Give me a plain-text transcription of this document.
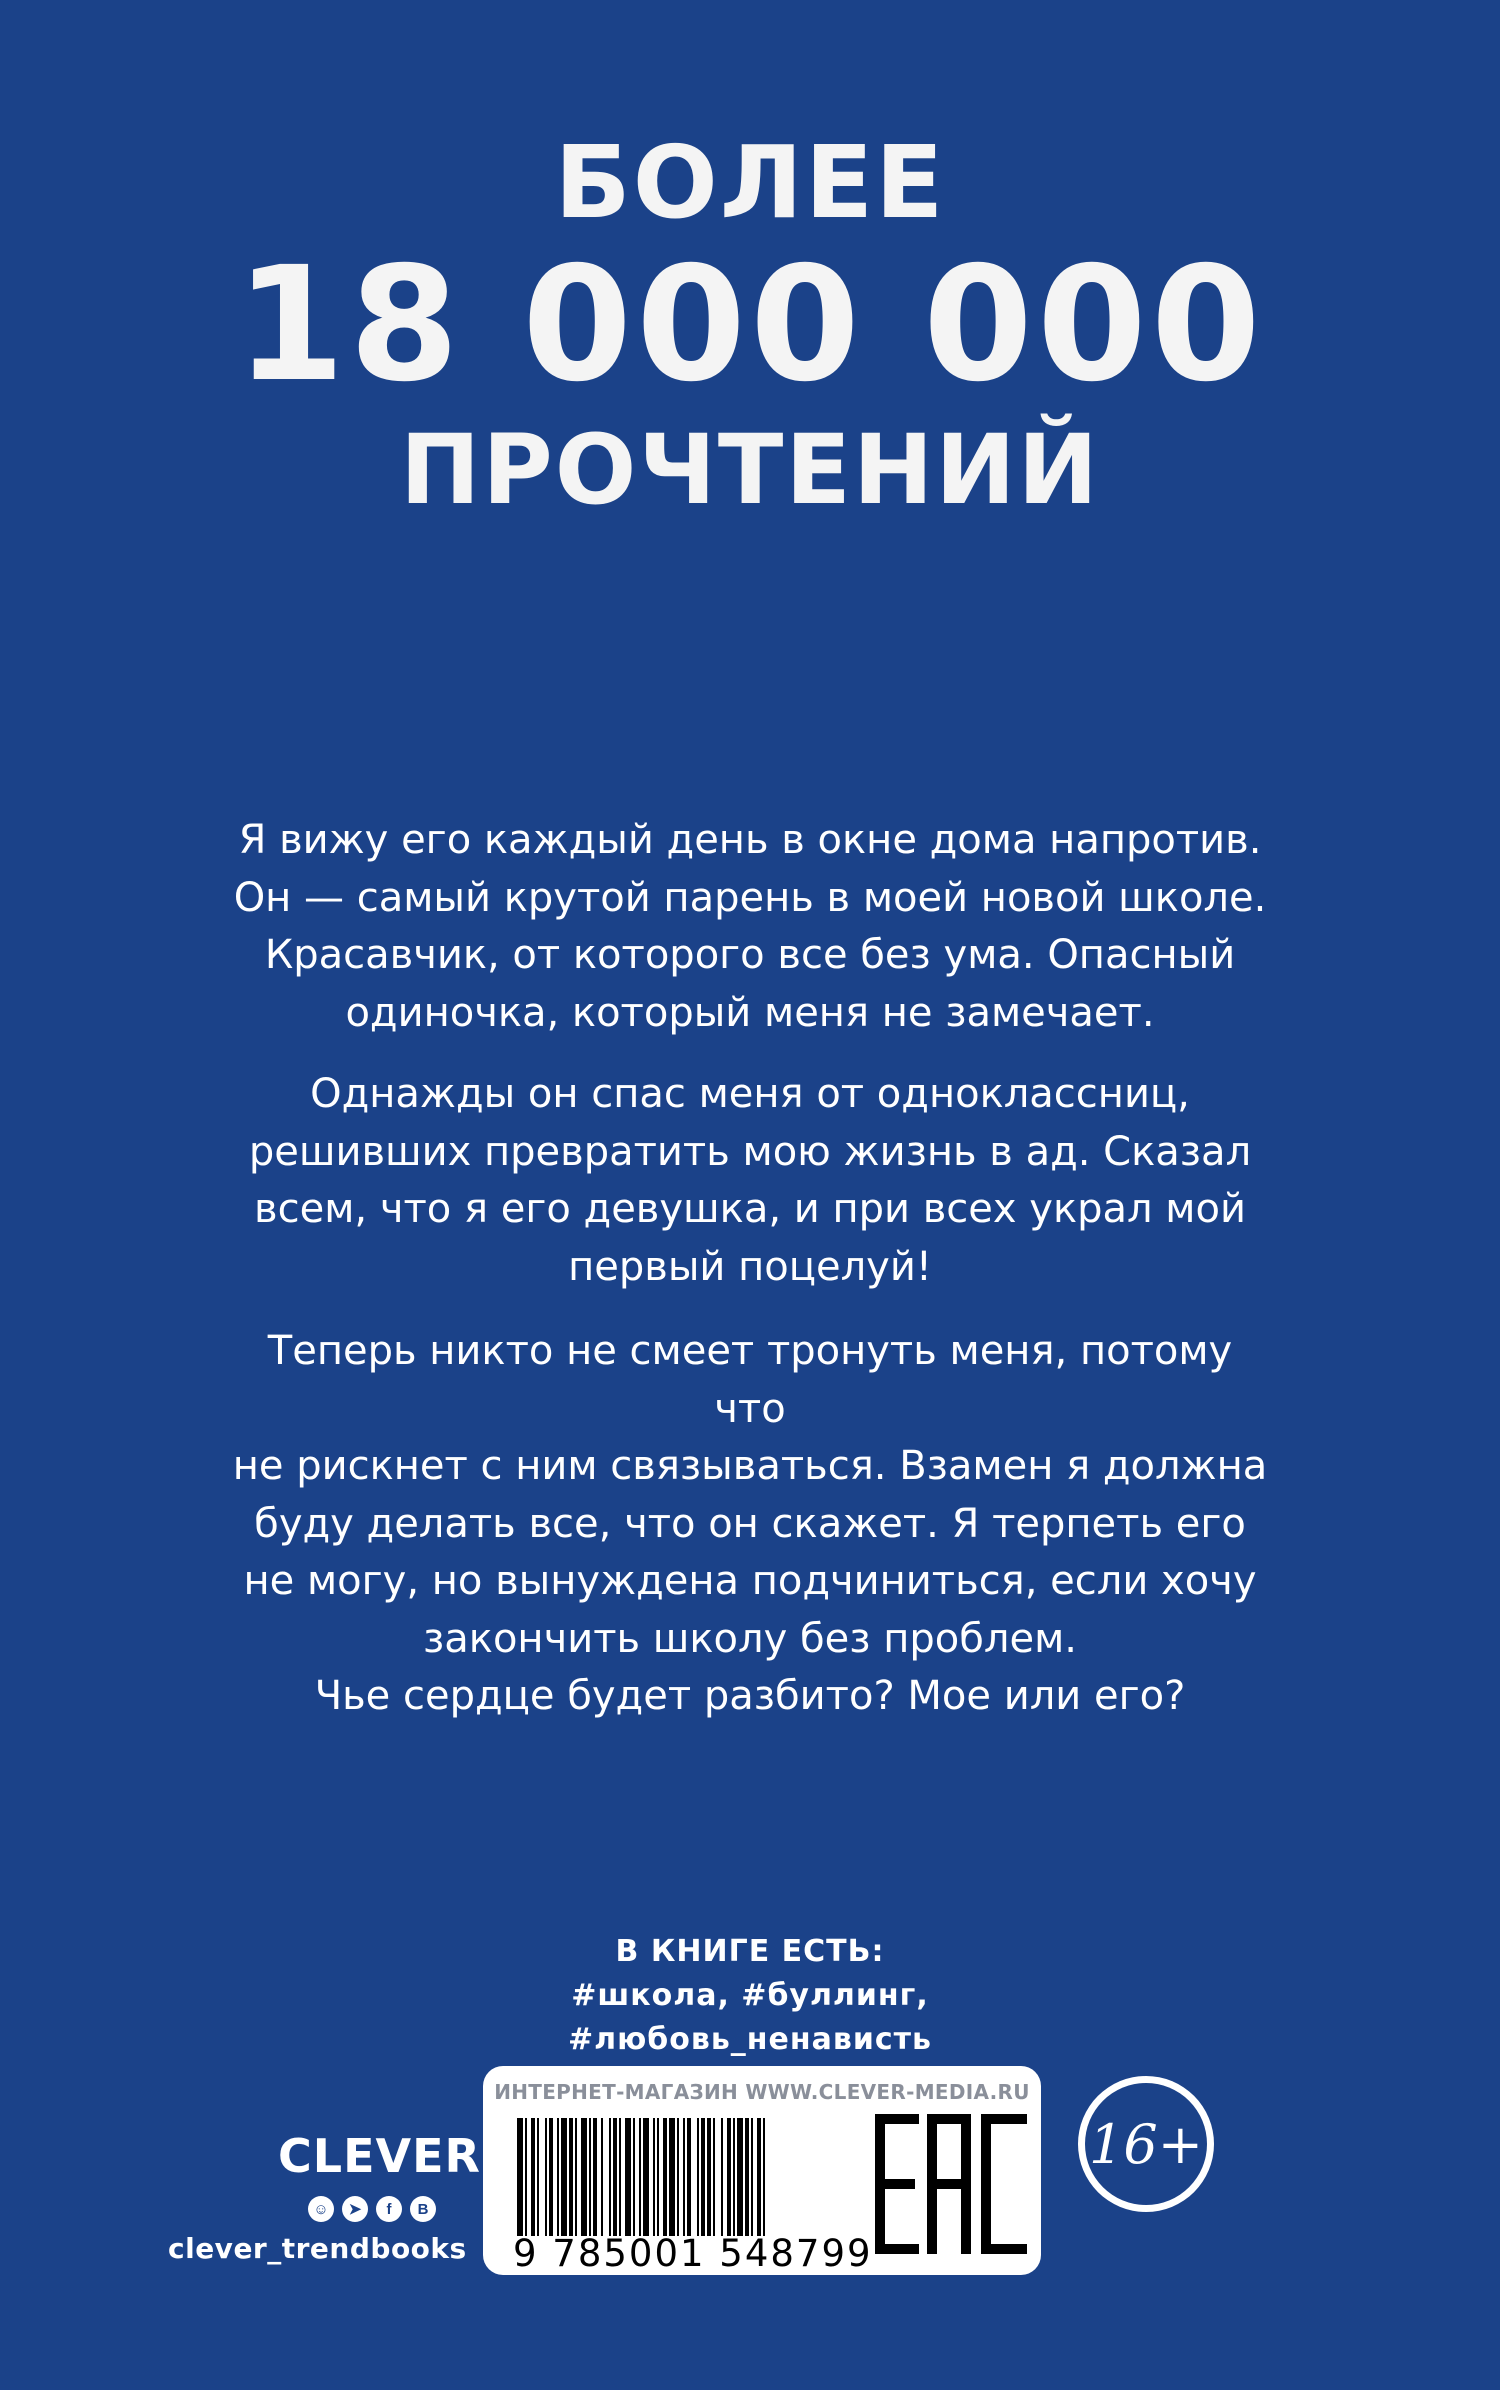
БОЛЕЕ
18 000 000
ПРОЧТЕНИЙ

Я вижу его каждый день в окне дома напротив.

Он — самый крутой парень в моей новой школе.

Красавчик, от которого все без ума. Опасный

одиночка, который меня не замечает.

Однажды он спас меня от одноклассниц,

решивших превратить мою жизнь в ад. Сказал

всем, что я его девушка, и при всех украл мой

первый поцелуй!

Теперь никто не смеет тронуть меня, потому что

не рискнет с ним связываться. Взамен я должна

буду делать все, что он скажет. Я терпеть его

не могу, но вынуждена подчиниться, если хочу

закончить школу без проблем.

Чье сердце будет разбито? Мое или его?

В КНИГЕ ЕСТЬ:
#школа, #буллинг,
#любовь_ненависть
CLEVER
☺	➤	f	B
clever_trendbooks
ИНТЕРНЕТ-МАГАЗИН WWW.CLEVER-MEDIA.RU
9 785001 548799
16+
